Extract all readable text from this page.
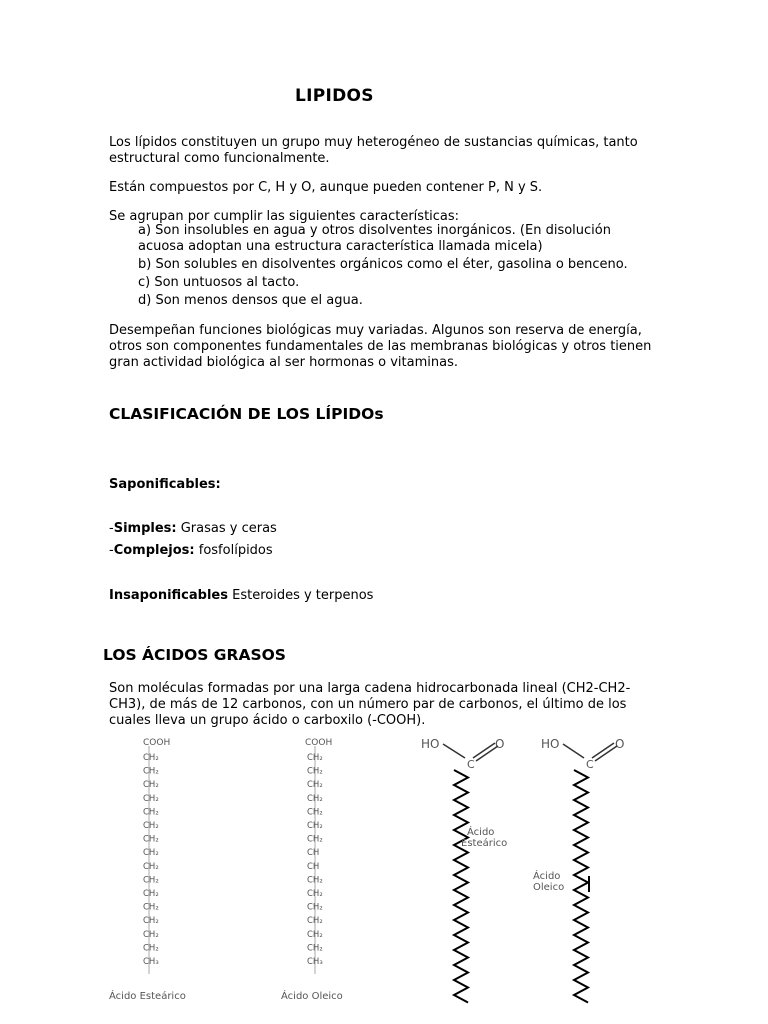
LIPIDOS
Los lípidos constituyen un grupo muy heterogéneo de sustancias químicas, tanto estructural como funcionalmente.
Están compuestos por C, H y O, aunque pueden contener P, N y S.
Se agrupan por cumplir las siguientes características:
a) Son insolubles en agua y otros disolventes inorgánicos. (En disolución acuosa adoptan una estructura característica llamada micela)
b) Son solubles en disolventes orgánicos como el éter, gasolina o benceno.
c) Son untuosos al tacto.
d) Son menos densos que el agua.
Desempeñan funciones biológicas muy variadas. Algunos son reserva de energía, otros son componentes fundamentales de las membranas biológicas y otros tienen gran actividad biológica al ser hormonas o vitaminas.
CLASIFICACIÓN DE LOS LÍPIDOs
Saponificables:
-Simples: Grasas y ceras
-Complejos: fosfolípidos
Insaponificables Esteroides y terpenos
LOS ÁCIDOS GRASOS
Son moléculas formadas por una larga cadena hidrocarbonada lineal (CH2-CH2-CH3), de más de 12 carbonos, con un número par de carbonos, el último de los cuales lleva un grupo ácido o carboxilo (-COOH).
COOH
CH₂
CH₂
CH₂
CH₂
CH₂
CH₂
CH₂
CH₂
CH₂
CH₂
CH₂
CH₂
CH₂
CH₂
CH₂
CH₃
COOH
CH₂
CH₂
CH₂
CH₂
CH₂
CH₂
CH₂
CH
CH
CH₂
CH₂
CH₂
CH₂
CH₂
CH₂
CH₃
Ácido Esteárico	Ácido Oleico
HO
C
O
Ácido
Esteárico
HO
C
O
Ácido
Oleico
